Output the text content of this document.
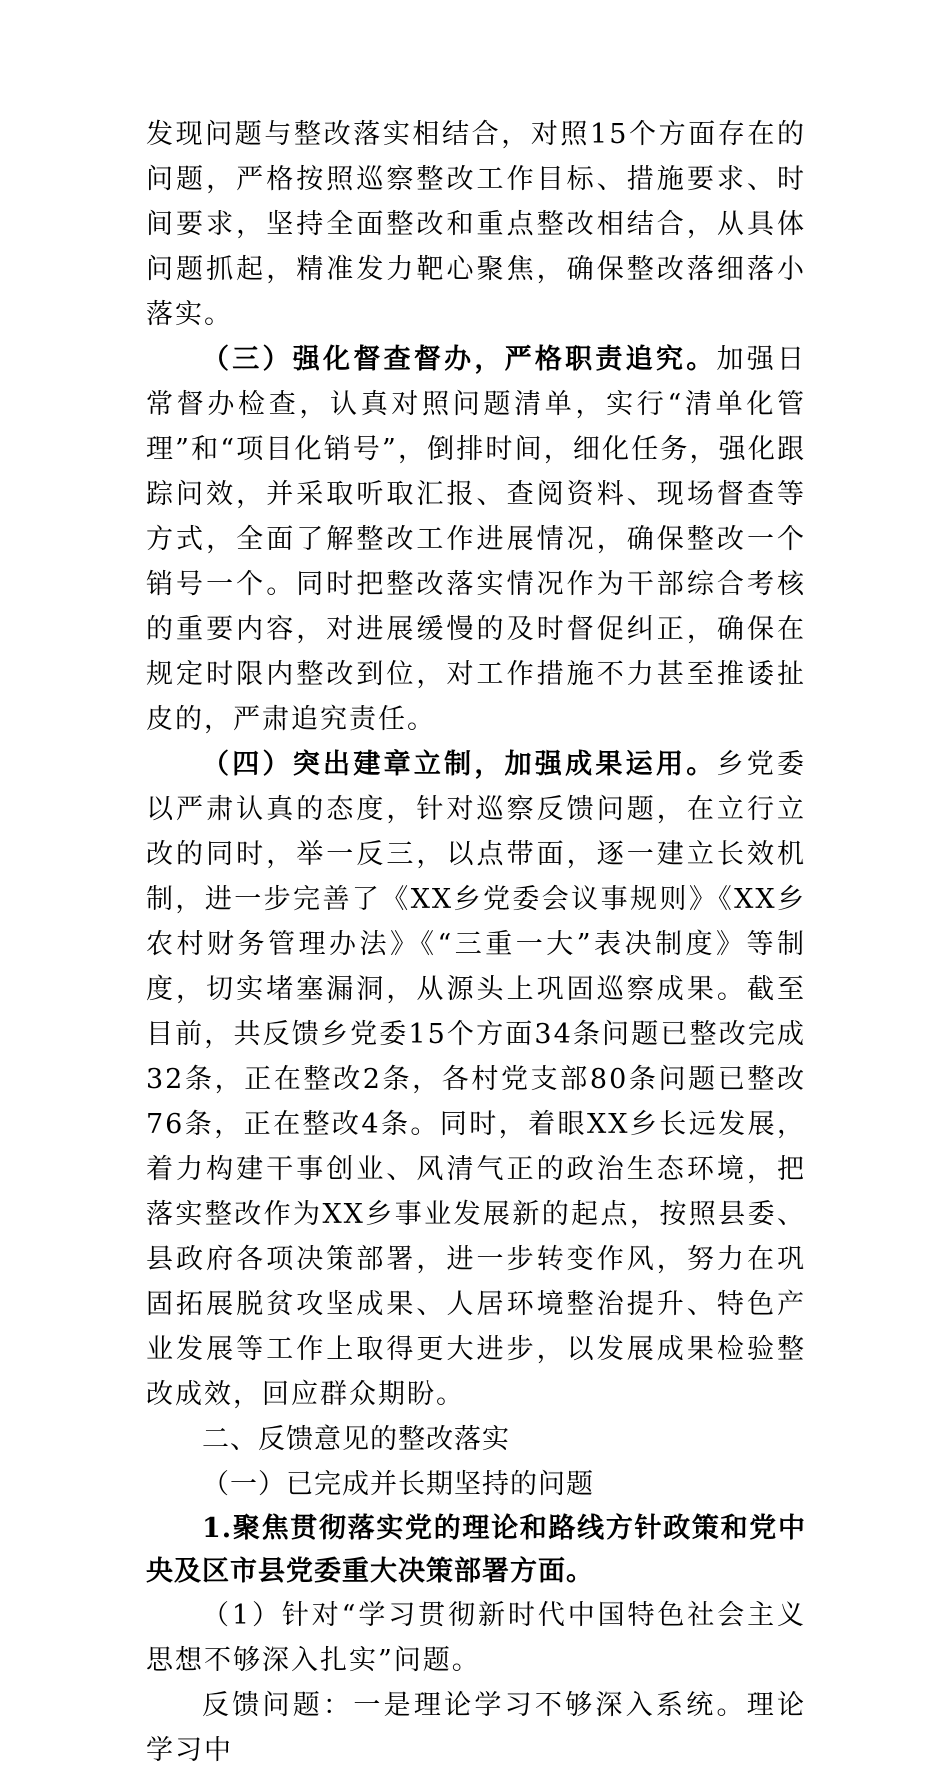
发现问题与整改落实相结合，对照15个方面存在的问题，严格按照巡察整改工作目标、措施要求、时间要求，坚持全面整改和重点整改相结合，从具体问题抓起，精准发力靶心聚焦，确保整改落细落小落实。

（三）强化督查督办，严格职责追究。加强日常督办检查，认真对照问题清单，实行“清单化管理”和“项目化销号”，倒排时间，细化任务，强化跟踪问效，并采取听取汇报、查阅资料、现场督查等方式，全面了解整改工作进展情况，确保整改一个销号一个。同时把整改落实情况作为干部综合考核的重要内容，对进展缓慢的及时督促纠正，确保在规定时限内整改到位，对工作措施不力甚至推诿扯皮的，严肃追究责任。

（四）突出建章立制，加强成果运用。乡党委以严肃认真的态度，针对巡察反馈问题，在立行立改的同时，举一反三，以点带面，逐一建立长效机制，进一步完善了《XX乡党委会议事规则》《XX乡农村财务管理办法》《“三重一大”表决制度》等制度，切实堵塞漏洞，从源头上巩固巡察成果。截至目前，共反馈乡党委15个方面34条问题已整改完成32条，正在整改2条，各村党支部80条问题已整改76条，正在整改4条。同时，着眼XX乡长远发展，着力构建干事创业、风清气正的政治生态环境，把落实整改作为XX乡事业发展新的起点，按照县委、县政府各项决策部署，进一步转变作风，努力在巩固拓展脱贫攻坚成果、人居环境整治提升、特色产业发展等工作上取得更大进步，以发展成果检验整改成效，回应群众期盼。

二、反馈意见的整改落实

（一）已完成并长期坚持的问题

1.聚焦贯彻落实党的理论和路线方针政策和党中央及区市县党委重大决策部署方面。

（1）针对“学习贯彻新时代中国特色社会主义思想不够深入扎实”问题。

反馈问题：一是理论学习不够深入系统。理论学习中
